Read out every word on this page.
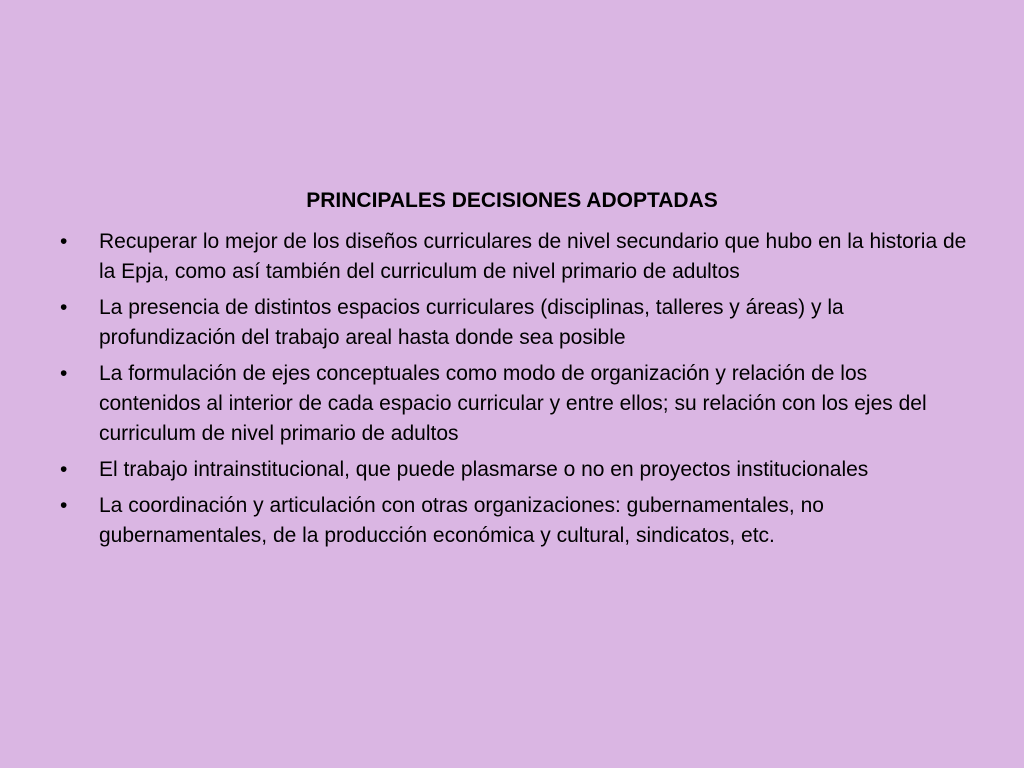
PRINCIPALES DECISIONES ADOPTADAS
•	Recuperar lo mejor de los diseños curriculares de nivel secundario que hubo en la historia de la Epja, como así también del curriculum de nivel primario de adultos
•	La presencia de distintos espacios curriculares (disciplinas, talleres y áreas) y la profundización del trabajo areal hasta donde sea posible
•	La formulación de ejes conceptuales como modo de organización y relación de los contenidos al interior de cada espacio curricular y entre ellos; su relación con los ejes del curriculum de nivel primario de adultos
•	El trabajo intrainstitucional, que puede plasmarse o no en proyectos institucionales
•	La coordinación y articulación con otras organizaciones: gubernamentales, no gubernamentales, de la producción económica y cultural, sindicatos, etc.
